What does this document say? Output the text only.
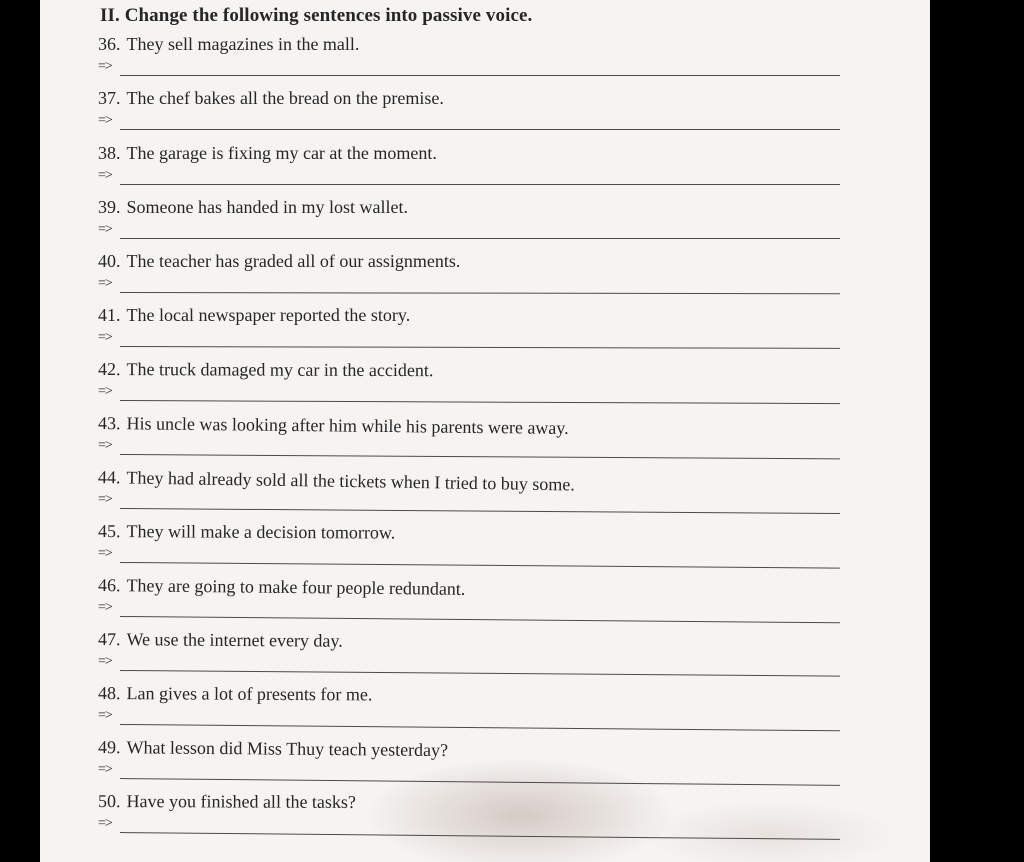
II. Change the following sentences into passive voice.
36. They sell magazines in the mall.
=>
37. The chef bakes all the bread on the premise.
=>
38. The garage is fixing my car at the moment.
=>
39. Someone has handed in my lost wallet.
=>
40. The teacher has graded all of our assignments.
=>
41. The local newspaper reported the story.
=>
42. The truck damaged my car in the accident.
=>
43. His uncle was looking after him while his parents were away.
=>
44. They had already sold all the tickets when I tried to buy some.
=>
45. They will make a decision tomorrow.
=>
46. They are going to make four people redundant.
=>
47. We use the internet every day.
=>
48. Lan gives a lot of presents for me.
=>
49. What lesson did Miss Thuy teach yesterday?
=>
50. Have you finished all the tasks?
=>
